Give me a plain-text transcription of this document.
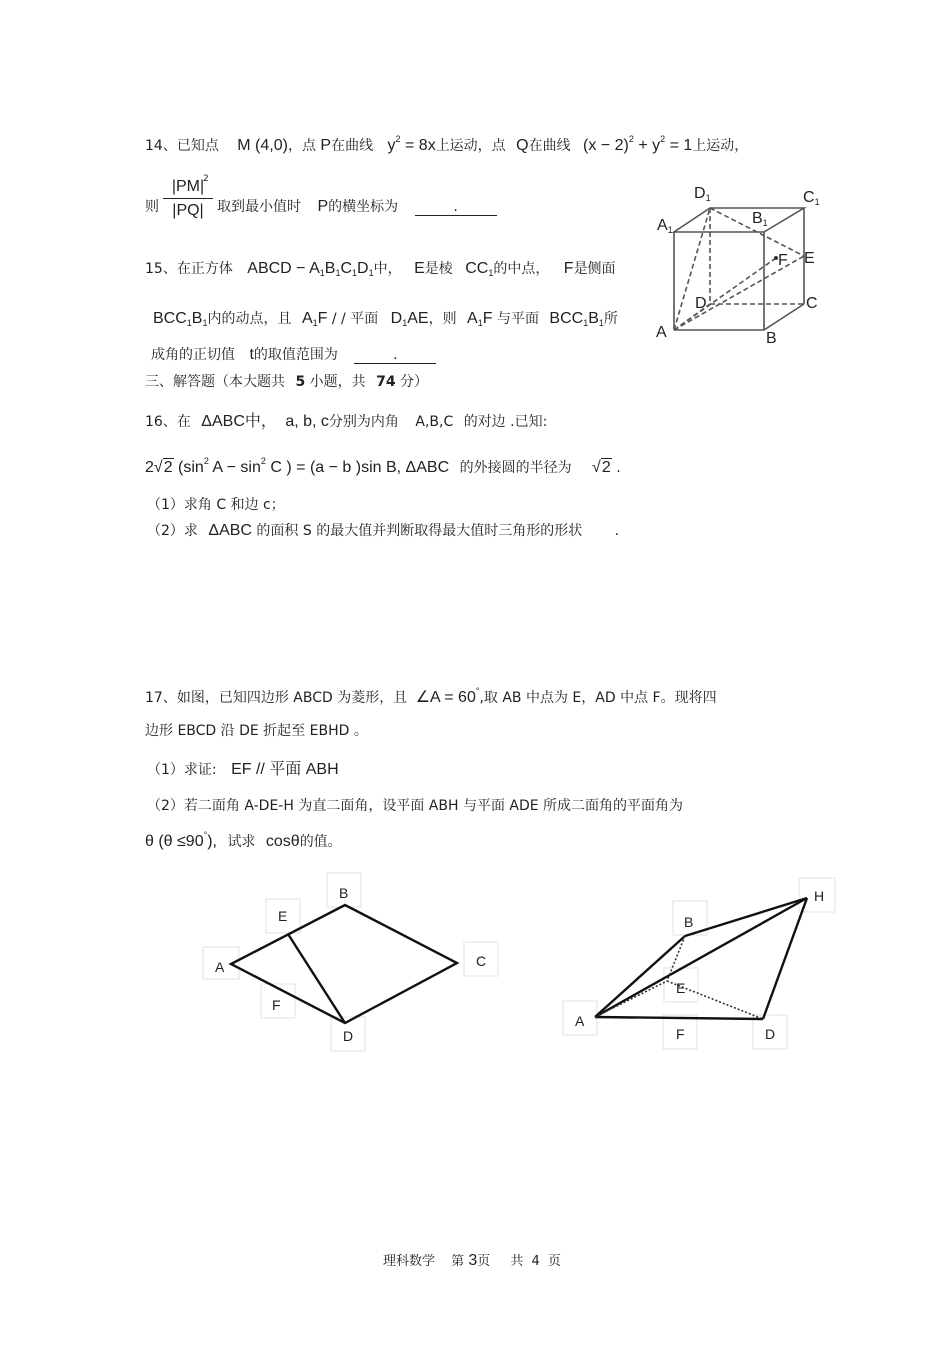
14、已知点 M (4,0)，点 P在曲线 $y^2 = 8x$上运动，点 Q在曲线 $(x - 2)^2 + y^2 = 1$上运动，
则
|PM|
|PQ|
2
取到最小值时 P的横坐标为	.
15、在正方体 ABCD − $A_1B_1C_1D_1$中， E是棱 $CC_1$的中点， F是侧面
$BCC_1B_1$内的动点，且 $A_1F$ / / 平面 $D_1AE$，则 $A_1F$ 与平面 $BCC_1B_1$所
成角的正切值 t的取值范围为	.
A	B
C
D
A1
B1
C1
D1
E
F
三、解答题（本大题共 5 小题，共 74 分）
16、在 ΔABC中， a, b, c分别为内角 A,B,C 的对边 .已知:
2√2 ($\sin^2$ $A - \sin^2 C$ ) = (a − b )sin B, ΔABC 的外接圆的半径为 √2 .
（1）求角 C 和边 c；
（2）求 ΔABC 的面积 S 的最大值并判断取得最大值时三角形的形状 .
17、如图，已知四边形 ABCD 为菱形，且 ∠A = 60°,取 AB 中点为 E，AD 中点 F。现将四
边形 EBCD 沿 DE 折起至 EBHD 。
（1）求证: EF // 平面 ABH
（2）若二面角 A-DE-H 为直二面角，设平面 ABH 与平面 ADE 所成二面角的平面角为
θ (θ ≤90°), 试求 cosθ的值。
B
E
A	C
F
D
H
B
E
A
F	D
理科数学 第 3页 共 4 页
